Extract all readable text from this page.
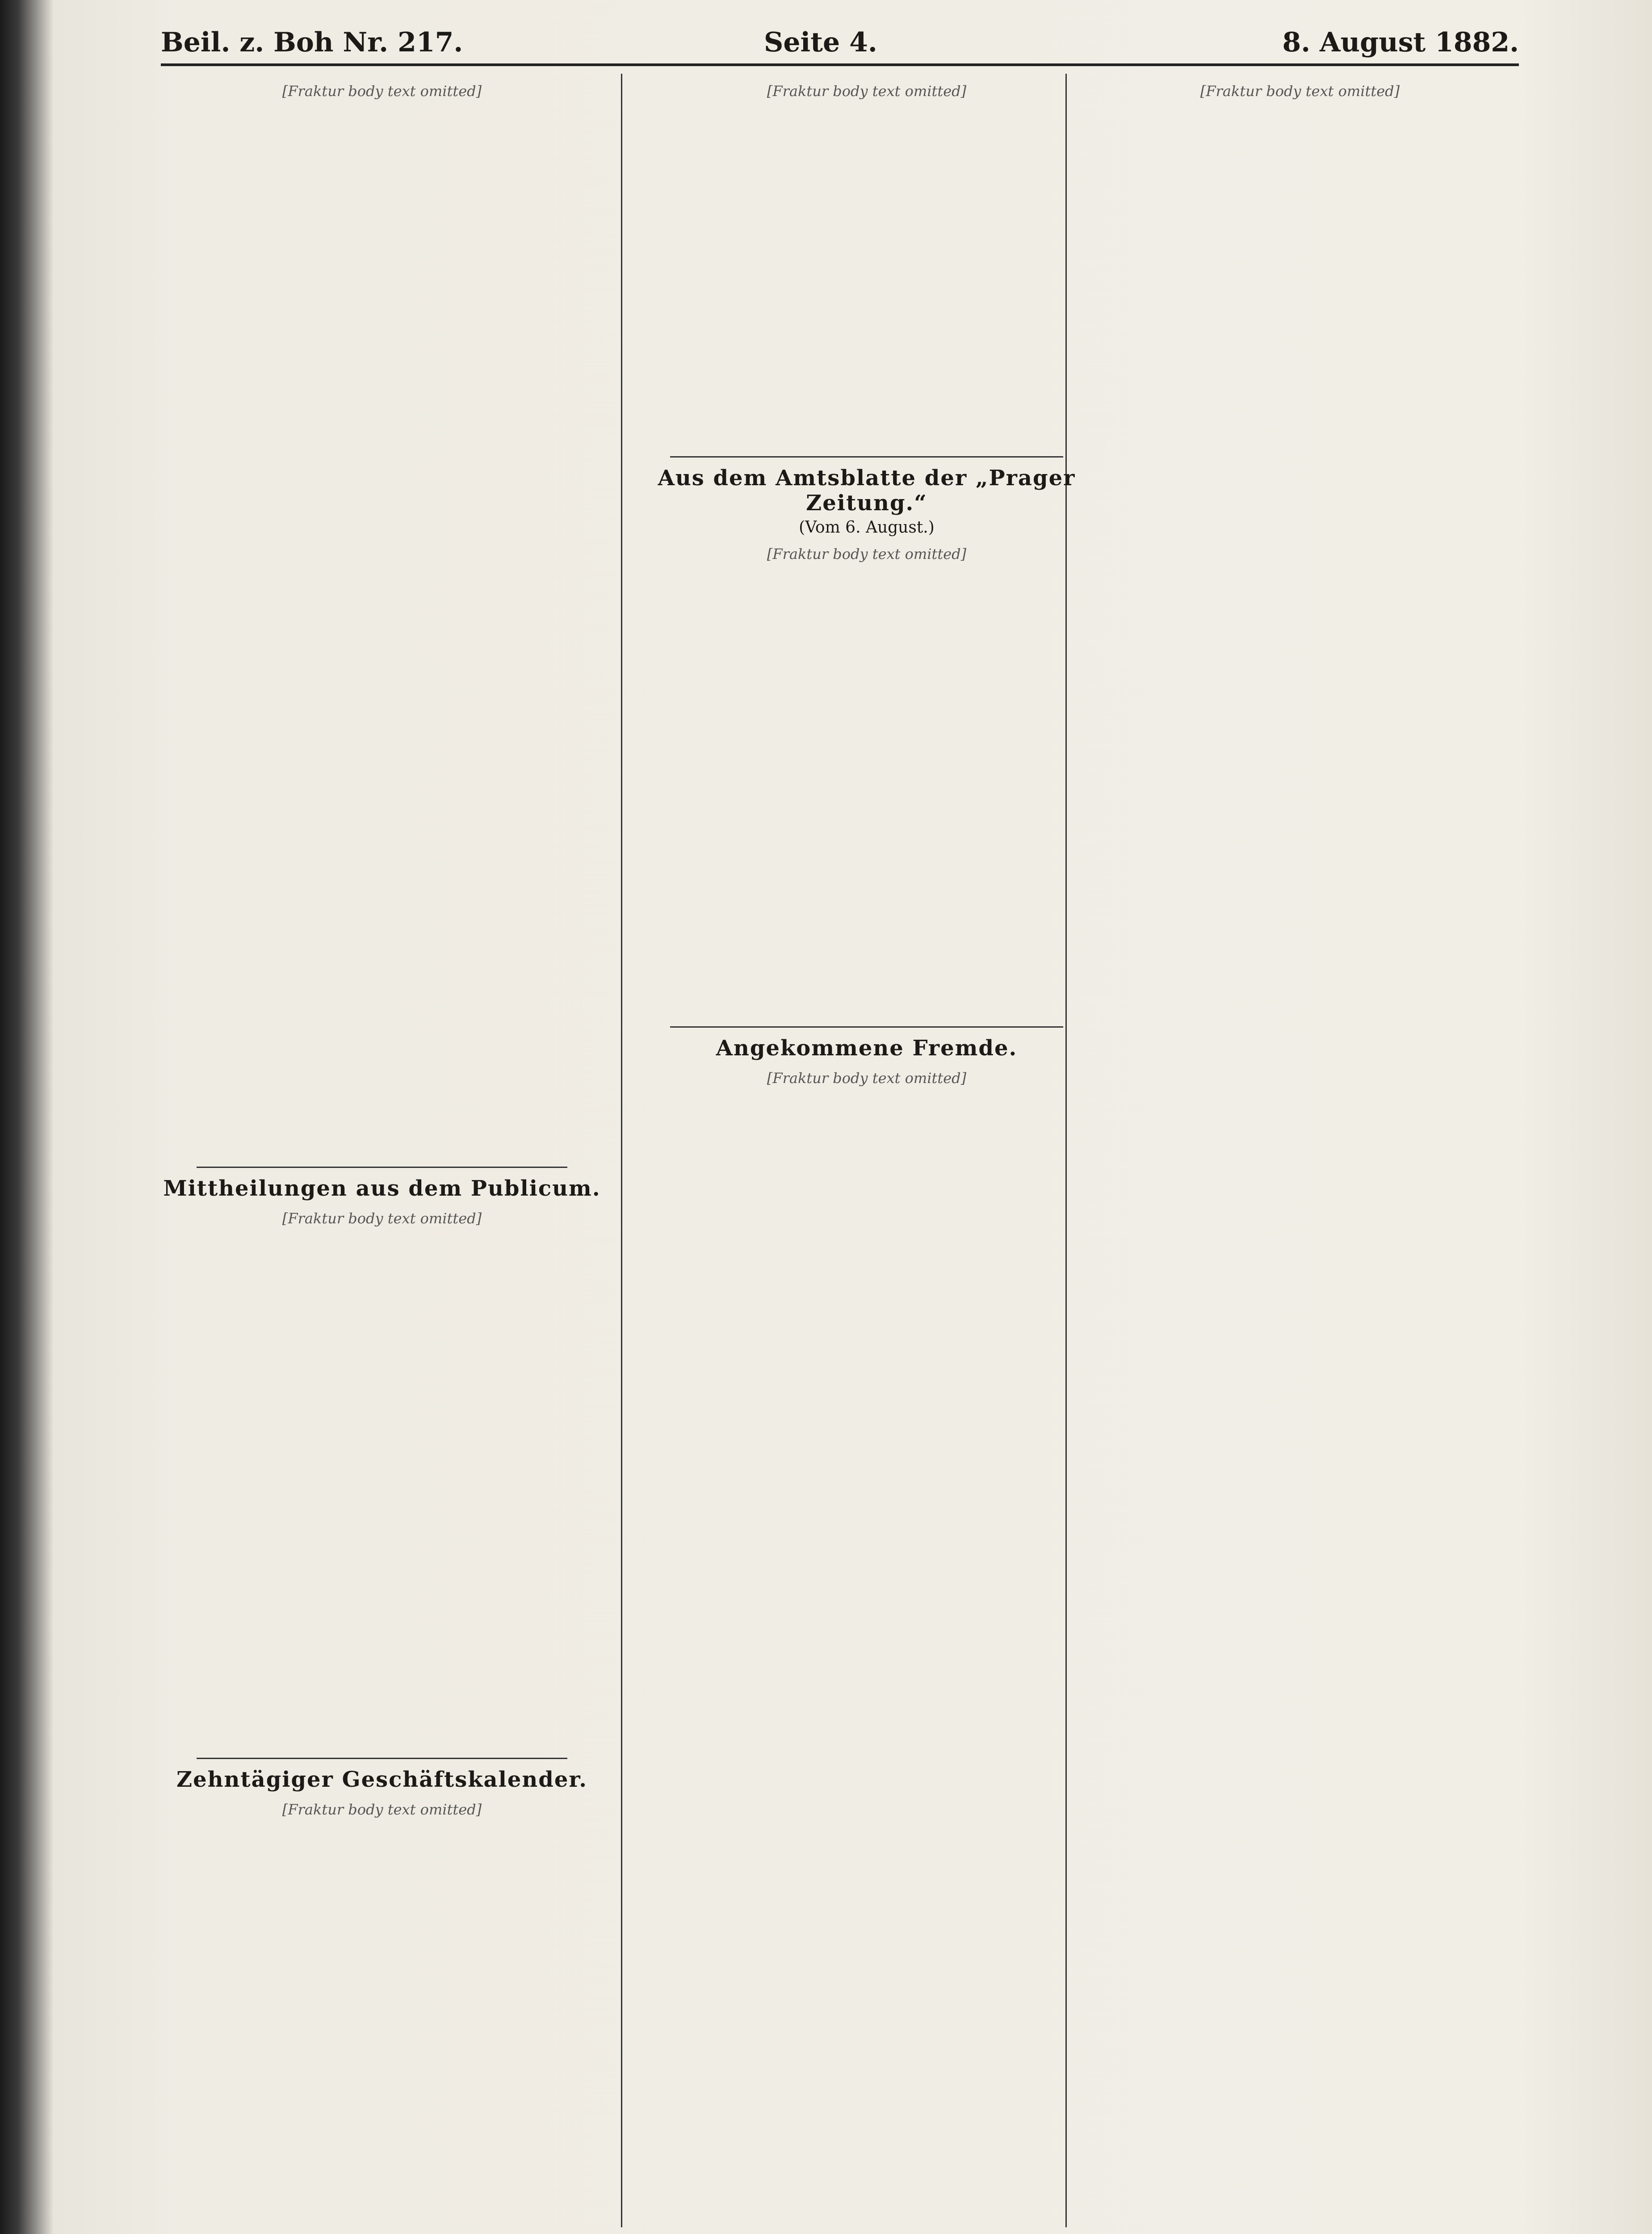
Beil. z. Boh Nr. 217.	Seite 4.	8. August 1882.
[Fraktur body text omitted]
Mittheilungen aus dem Publicum.
[Fraktur body text omitted]
Zehntägiger Geschäftskalender.
[Fraktur body text omitted]
[Fraktur body text omitted]
Aus dem Amtsblatte der „Prager Zeitung.“

(Vom 6. August.)

[Fraktur body text omitted]
Angekommene Fremde.
[Fraktur body text omitted]
[Fraktur body text omitted]
